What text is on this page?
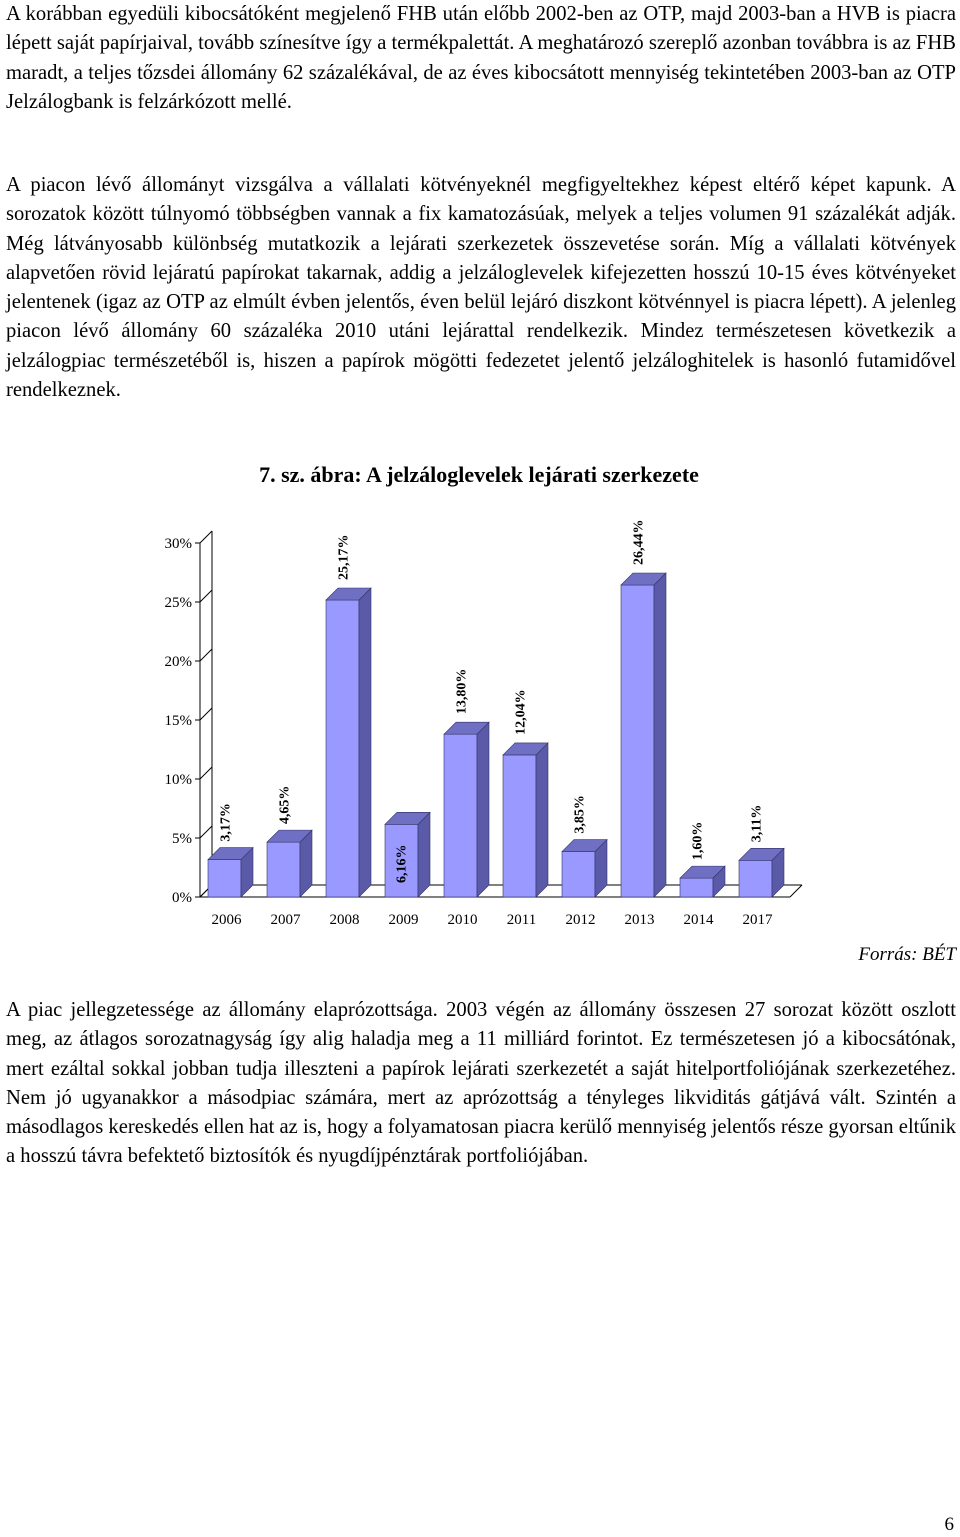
A korábban egyedüli kibocsátóként megjelenő FHB után előbb 2002-ben az OTP, majd 2003-ban a HVB is piacra lépett saját papírjaival, tovább színesítve így a termékpalettát. A meghatározó szereplő azonban továbbra is az FHB maradt, a teljes tőzsdei állomány 62 százalékával, de az éves kibocsátott mennyiség tekintetében 2003-ban az OTP Jelzálogbank is felzárkózott mellé.

A piacon lévő állományt vizsgálva a vállalati kötvényeknél megfigyeltekhez képest eltérő képet kapunk. A sorozatok között túlnyomó többségben vannak a fix kamatozásúak, melyek a teljes volumen 91 százalékát adják. Még látványosabb különbség mutatkozik a lejárati szerkezetek összevetése során. Míg a vállalati kötvények alapvetően rövid lejáratú papírokat takarnak, addig a jelzáloglevelek kifejezetten hosszú 10-15 éves kötvényeket jelentenek (igaz az OTP az elmúlt évben jelentős, éven belül lejáró diszkont kötvénnyel is piacra lépett). A jelenleg piacon lévő állomány 60 százaléka 2010 utáni lejárattal rendelkezik. Mindez természetesen következik a jelzálogpiac természetéből is, hiszen a papírok mögötti fedezetet jelentő jelzáloghitelek is hasonló futamidővel rendelkeznek.

7. sz. ábra: A jelzáloglevelek lejárati szerkezete
0%
5%
10%
15%
20%
25%
30%
3,17%
2006
4,65%
2007
25,17%
2008
6,16%
2009
13,80%
2010
12,04%
2011
3,85%
2012
26,44%
2013
1,60%
2014
3,11%
2017
Forrás: BÉT

A piac jellegzetessége az állomány elaprózottsága. 2003 végén az állomány összesen 27 sorozat között oszlott meg, az átlagos sorozatnagyság így alig haladja meg a 11 milliárd forintot. Ez természetesen jó a kibocsátónak, mert ezáltal sokkal jobban tudja illeszteni a papírok lejárati szerkezetét a saját hitelportfoliójának szerkezetéhez. Nem jó ugyanakkor a másodpiac számára, mert az aprózottság a tényleges likviditás gátjává vált. Szintén a másodlagos kereskedés ellen hat az is, hogy a folyamatosan piacra kerülő mennyiség jelentős része gyorsan eltűnik a hosszú távra befektető biztosítók és nyugdíjpénztárak portfoliójában.

6
